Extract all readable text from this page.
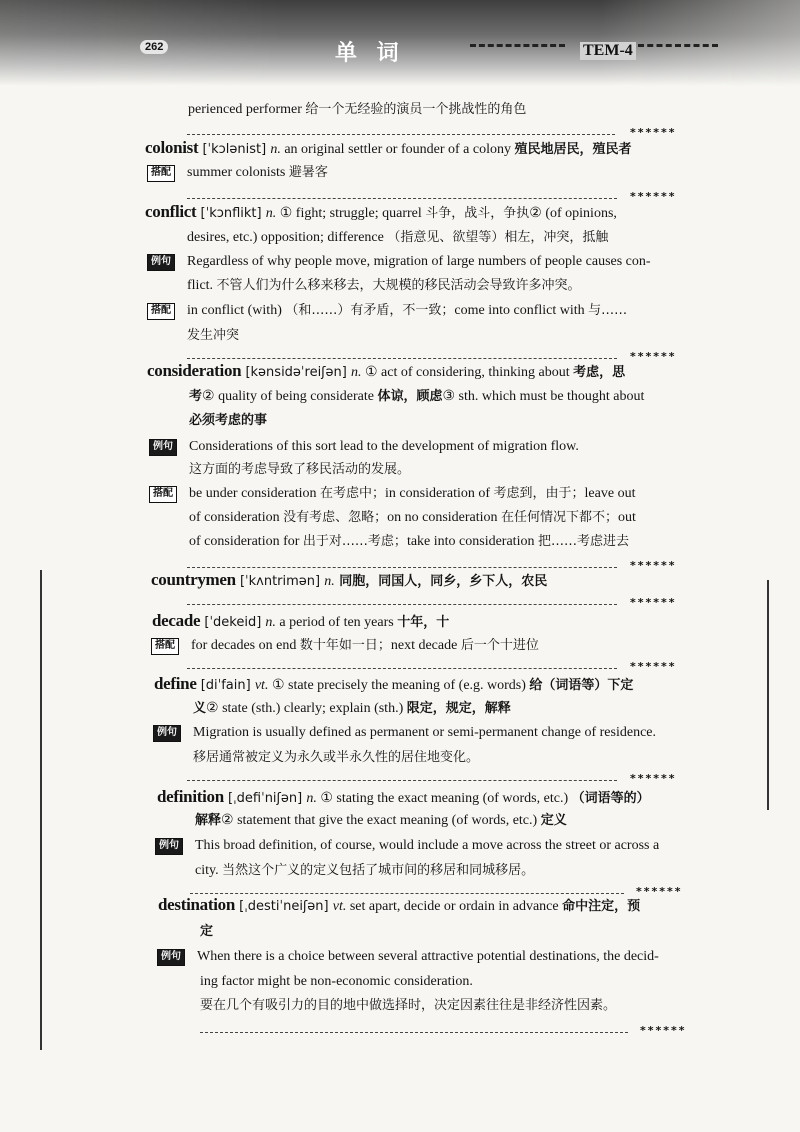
262	单 词	TEM-4
perienced performer 给一个无经验的演员一个挑战性的角色
******
colonist [ˈkɔlənist] n. an original settler or founder of a colony 殖民地居民，殖民者
summer colonists 避暑客
搭配
******
conflict [ˈkɔnflikt] n. ① fight; struggle; quarrel 斗争，战斗，争执② (of opinions,
desires, etc.) opposition; difference （指意见、欲望等）相左，冲突，抵触
Regardless of why people move, migration of large numbers of people causes con-
例句
flict. 不管人们为什么移来移去，大规模的移民活动会导致许多冲突。
in conflict (with) （和……）有矛盾，不一致；come into conflict with 与……
搭配
发生冲突
******
consideration [kənsidəˈreiʃən] n. ① act of considering, thinking about 考虑，思
考② quality of being considerate 体谅，顾虑③ sth. which must be thought about
必须考虑的事
Considerations of this sort lead to the development of migration flow.
例句
这方面的考虑导致了移民活动的发展。
be under consideration 在考虑中；in consideration of 考虑到，由于；leave out
搭配
of consideration 没有考虑、忽略；on no consideration 在任何情况下都不；out
of consideration for 出于对……考虑；take into consideration 把……考虑进去
******
countrymen [ˈkʌntrimən] n. 同胞，同国人，同乡，乡下人，农民
******
decade [ˈdekeid] n. a period of ten years 十年，十
for decades on end 数十年如一日；next decade 后一个十进位
搭配
******
define [diˈfain] vt. ① state precisely the meaning of (e.g. words) 给（词语等）下定
义② state (sth.) clearly; explain (sth.) 限定，规定，解释
Migration is usually defined as permanent or semi-permanent change of residence.
例句
移居通常被定义为永久或半永久性的居住地变化。
******
definition [ˌdefiˈniʃən] n. ① stating the exact meaning (of words, etc.) （词语等的）
解释② statement that give the exact meaning (of words, etc.) 定义
This broad definition, of course, would include a move across the street or across a
例句
city. 当然这个广义的定义包括了城市间的移居和同城移居。
******
destination [ˌdestiˈneiʃən] vt. set apart, decide or ordain in advance 命中注定，预
定
When there is a choice between several attractive potential destinations, the decid-
例句
ing factor might be non-economic consideration.
要在几个有吸引力的目的地中做选择时，决定因素往往是非经济性因素。
******
